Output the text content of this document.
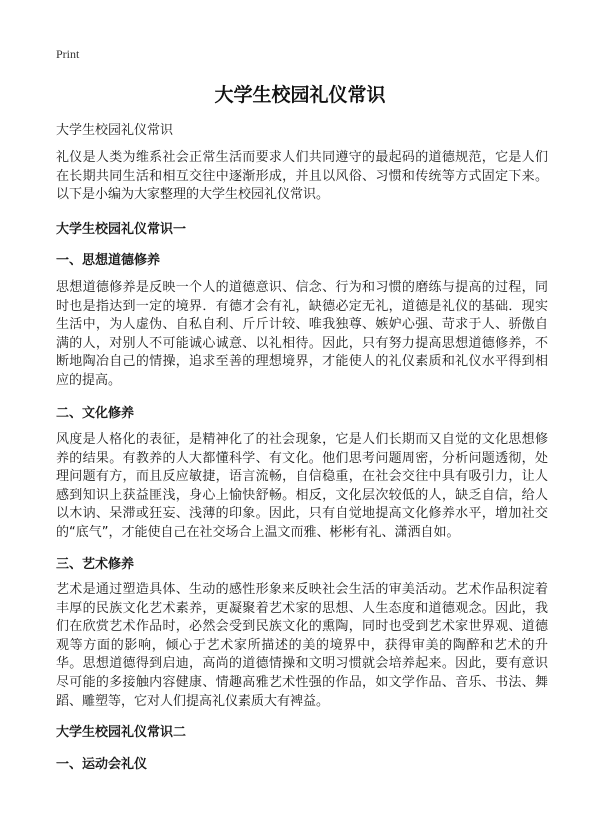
Print
大学生校园礼仪常识
大学生校园礼仪常识

礼仪是人类为维系社会正常生活而要求人们共同遵守的最起码的道德规范，它是人们在长期共同生活和相互交往中逐渐形成，并且以风俗、习惯和传统等方式固定下来。以下是小编为大家整理的大学生校园礼仪常识。

大学生校园礼仪常识一
一、思想道德修养

思想道德修养是反映一个人的道德意识、信念、行为和习惯的磨练与提高的过程，同时也是指达到一定的境界．有德才会有礼，缺德必定无礼，道德是礼仪的基础．现实生活中，为人虚伪、自私自利、斤斤计较、唯我独尊、嫉妒心强、苛求于人、骄傲自满的人，对别人不可能诚心诚意、以礼相待。因此，只有努力提高思想道德修养，不断地陶冶自己的情操，追求至善的理想境界，才能使人的礼仪素质和礼仪水平得到相应的提高。

二、文化修养

风度是人格化的表征，是精神化了的社会现象，它是人们长期而又自觉的文化思想修养的结果。有教养的人大都懂科学、有文化。他们思考问题周密，分析问题透彻，处理问题有方，而且反应敏捷，语言流畅，自信稳重，在社会交往中具有吸引力，让人感到知识上获益匪浅，身心上愉快舒畅。相反，文化层次较低的人，缺乏自信，给人以木讷、呆滞或狂妄、浅薄的印象。因此，只有自觉地提高文化修养水平，增加社交的“底气”，才能使自己在社交场合上温文而雅、彬彬有礼、潇洒自如。

三、艺术修养

艺术是通过塑造具体、生动的感性形象来反映社会生活的审美活动。艺术作品积淀着丰厚的民族文化艺术素养，更凝聚着艺术家的思想、人生态度和道德观念。因此，我们在欣赏艺术作品时，必然会受到民族文化的熏陶，同时也受到艺术家世界观、道德观等方面的影响，倾心于艺术家所描述的美的境界中，获得审美的陶醉和艺术的升华。思想道德得到启迪，高尚的道德情操和文明习惯就会培养起来。因此，要有意识尽可能的多接触内容健康、情趣高雅艺术性强的作品，如文学作品、音乐、书法、舞蹈、雕塑等，它对人们提高礼仪素质大有裨益。

大学生校园礼仪常识二
一、运动会礼仪
